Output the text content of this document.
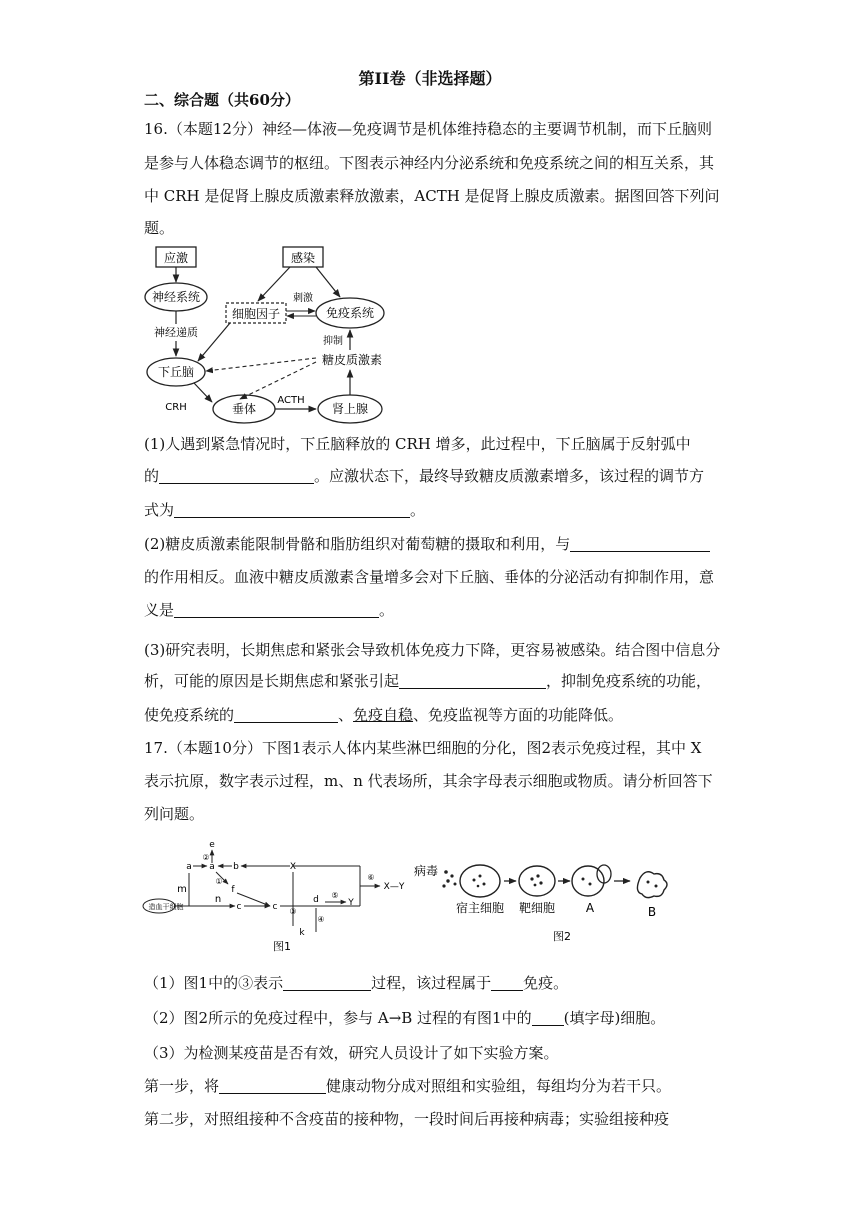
第II卷（非选择题）
二、综合题（共60分）
16.（本题12分）神经—体液—免疫调节是机体维持稳态的主要调节机制，而下丘脑则
是参与人体稳态调节的枢纽。下图表示神经内分泌系统和免疫系统之间的相互关系，其
中 CRH 是促肾上腺皮质激素释放激素，ACTH 是促肾上腺皮质激素。据图回答下列问
题。
应激	感染
神经系统
神经递质
细胞因子	免疫系统
刺激
抑制
糖皮质激素
下丘脑
CRH	垂体
ACTH
肾上腺
(1)人遇到紧急情况时，下丘脑释放的 CRH 增多，此过程中，下丘脑属于反射弧中
的	。应激状态下，最终导致糖皮质激素增多，该过程的调节方
式为	。
(2)糖皮质激素能限制骨骼和脂肪组织对葡萄糖的摄取和利用，与
的作用相反。血液中糖皮质激素含量增多会对下丘脑、垂体的分泌活动有抑制作用，意
义是	。
(3)研究表明，长期焦虑和紧张会导致机体免疫力下降，更容易被感染。结合图中信息分
析，可能的原因是长期焦虑和紧张引起	，抑制免疫系统的功能，
使免疫系统的	、免疫自稳、免疫监视等方面的功能降低。
17.（本题10分）下图1表示人体内某些淋巴细胞的分化，图2表示免疫过程，其中 X
表示抗原，数字表示过程，m、n 代表场所，其余字母表示细胞或物质。请分析回答下
列问题。
e
②
a a b	X
m
①
f
造血干细胞
n
c	c ③
d
④
k
⑤
Y
⑥
X—Y
图1
病毒
宿主细胞 靶细胞	A	B
图2
（1）图1中的③表示	过程，该过程属于 免疫。
（2）图2所示的免疫过程中，参与 A→B 过程的有图1中的 (填字母)细胞。
（3）为检测某疫苗是否有效，研究人员设计了如下实验方案。
第一步，将	健康动物分成对照组和实验组，每组均分为若干只。
第二步，对照组接种不含疫苗的接种物，一段时间后再接种病毒；实验组接种疫
